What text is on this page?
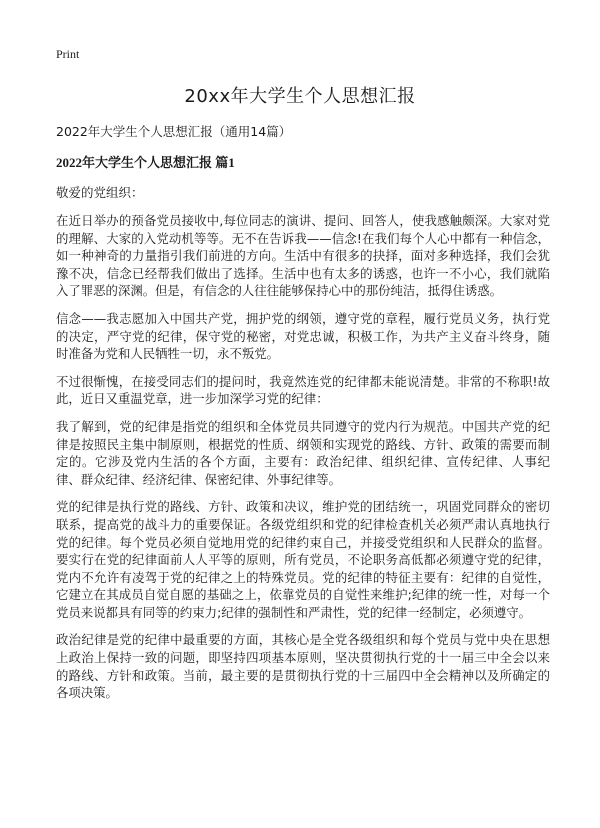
Print
20xx年大学生个人思想汇报
2022年大学生个人思想汇报（通用14篇）
2022年大学生个人思想汇报 篇1
敬爱的党组织：

在近日举办的预备党员接收中,每位同志的演讲、提问、回答人，使我感触颇深。大家对党的理解、大家的入党动机等等。无不在告诉我——信念!在我们每个人心中都有一种信念，如一种神奇的力量指引我们前进的方向。生活中有很多的抉择，面对多种选择，我们会犹豫不决，信念已经帮我们做出了选择。生活中也有太多的诱惑，也许一不小心，我们就陷入了罪恶的深渊。但是，有信念的人往往能够保持心中的那份纯洁，抵得住诱惑。

信念——我志愿加入中国共产党，拥护党的纲领，遵守党的章程，履行党员义务，执行党的决定，严守党的纪律，保守党的秘密，对党忠诚，积极工作，为共产主义奋斗终身，随时准备为党和人民牺牲一切，永不叛党。

不过很惭愧，在接受同志们的提问时，我竟然连党的纪律都未能说清楚。非常的不称职!故此，近日又重温党章，进一步加深学习党的纪律：

我了解到，党的纪律是指党的组织和全体党员共同遵守的党内行为规范。中国共产党的纪律是按照民主集中制原则，根据党的性质、纲领和实现党的路线、方针、政策的需要而制定的。它涉及党内生活的各个方面，主要有：政治纪律、组织纪律、宣传纪律、人事纪律、群众纪律、经济纪律、保密纪律、外事纪律等。

党的纪律是执行党的路线、方针、政策和决议，维护党的团结统一，巩固党同群众的密切联系，提高党的战斗力的重要保证。各级党组织和党的纪律检查机关必须严肃认真地执行党的纪律。每个党员必须自觉地用党的纪律约束自己，并接受党组织和人民群众的监督。要实行在党的纪律面前人人平等的原则，所有党员，不论职务高低都必须遵守党的纪律，党内不允许有凌驾于党的纪律之上的特殊党员。党的纪律的特征主要有：纪律的自觉性，它建立在其成员自觉自愿的基础之上，依靠党员的自觉性来维护;纪律的统一性，对每一个党员来说都具有同等的约束力;纪律的强制性和严肃性，党的纪律一经制定，必须遵守。

政治纪律是党的纪律中最重要的方面，其核心是全党各级组织和每个党员与党中央在思想上政治上保持一致的问题，即坚持四项基本原则，坚决贯彻执行党的十一届三中全会以来的路线、方针和政策。当前，最主要的是贯彻执行党的十三届四中全会精神以及所确定的各项决策。
